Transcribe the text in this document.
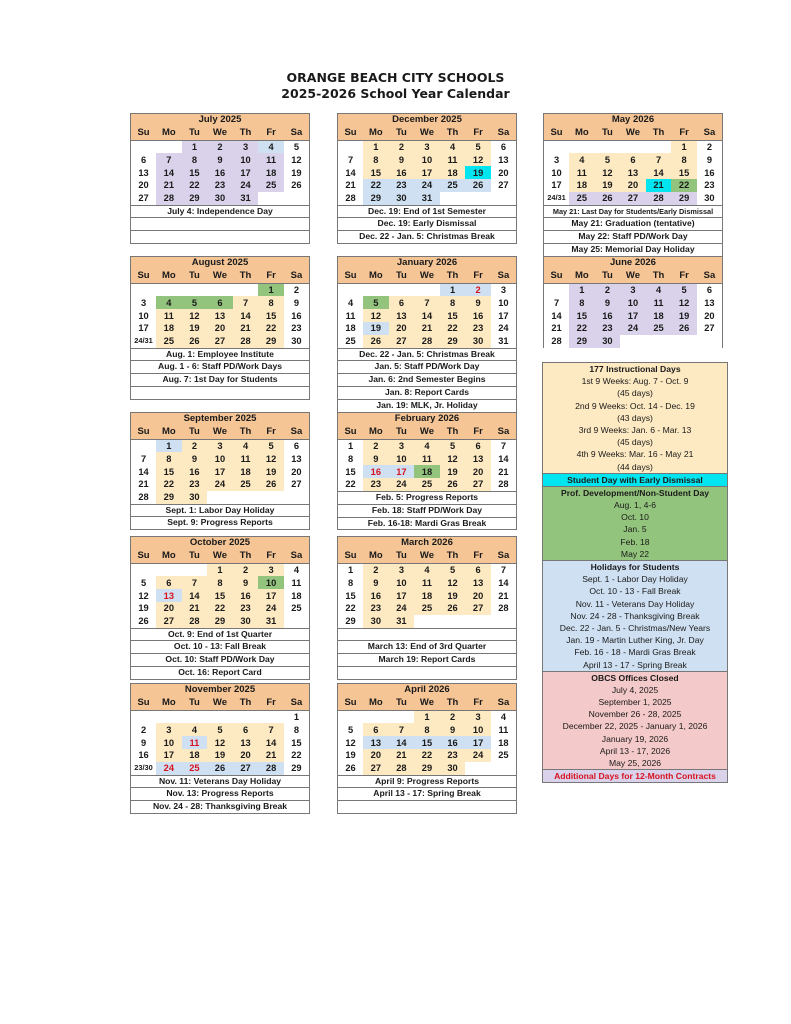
ORANGE BEACH CITY SCHOOLS
2025-2026 School Year Calendar
July 2025						
Su	Mo	Tu	We	Th	Fr	Sa
		1	2	3	4	5
6	7	8	9	10	11	12
13	14	15	16	17	18	19
20	21	22	23	24	25	26
27	28	29	30	31		
July 4: Independence Day
December 2025						
Su	Mo	Tu	We	Th	Fr	Sa
	1	2	3	4	5	6
7	8	9	10	11	12	13
14	15	16	17	18	19	20
21	22	23	24	25	26	27
28	29	30	31			
Dec. 19: End of 1st Semester
Dec. 19: Early Dismissal
Dec. 22 - Jan. 5: Christmas Break
May 2026						
Su	Mo	Tu	We	Th	Fr	Sa
					1	2
3	4	5	6	7	8	9
10	11	12	13	14	15	16
17	18	19	20	21	22	23
24/31	25	26	27	28	29	30
May 21: Last Day for Students/Early Dismissal
May 21: Graduation (tentative)
May 22: Staff PD/Work Day
May 25: Memorial Day Holiday
August 2025						
Su	Mo	Tu	We	Th	Fr	Sa
					1	2
3	4	5	6	7	8	9
10	11	12	13	14	15	16
17	18	19	20	21	22	23
24/31	25	26	27	28	29	30
Aug. 1: Employee Institute
Aug. 1 - 6: Staff PD/Work Days
Aug. 7: 1st Day for Students
January 2026						
Su	Mo	Tu	We	Th	Fr	Sa
				1	2	3
4	5	6	7	8	9	10
11	12	13	14	15	16	17
18	19	20	21	22	23	24
25	26	27	28	29	30	31
Dec. 22 - Jan. 5: Christmas Break
Jan. 5: Staff PD/Work Day
Jan. 6: 2nd Semester Begins
Jan. 8: Report Cards
Jan. 19: MLK, Jr. Holiday
June 2026						
Su	Mo	Tu	We	Th	Fr	Sa
	1	2	3	4	5	6
7	8	9	10	11	12	13
14	15	16	17	18	19	20
21	22	23	24	25	26	27
28	29	30				
September 2025						
Su	Mo	Tu	We	Th	Fr	Sa
	1	2	3	4	5	6
7	8	9	10	11	12	13
14	15	16	17	18	19	20
21	22	23	24	25	26	27
28	29	30				
Sept. 1: Labor Day Holiday
Sept. 9: Progress Reports
February 2026						
Su	Mo	Tu	We	Th	Fr	Sa
1	2	3	4	5	6	7
8	9	10	11	12	13	14
15	16	17	18	19	20	21
22	23	24	25	26	27	28
Feb. 5: Progress Reports
Feb. 18: Staff PD/Work Day
Feb. 16-18: Mardi Gras Break
October 2025						
Su	Mo	Tu	We	Th	Fr	Sa
			1	2	3	4
5	6	7	8	9	10	11
12	13	14	15	16	17	18
19	20	21	22	23	24	25
26	27	28	29	30	31	
Oct. 9: End of 1st Quarter
Oct. 10 - 13: Fall Break
Oct. 10: Staff PD/Work Day
Oct. 16: Report Card
March 2026						
Su	Mo	Tu	We	Th	Fr	Sa
1	2	3	4	5	6	7
8	9	10	11	12	13	14
15	16	17	18	19	20	21
22	23	24	25	26	27	28
29	30	31				
March 13: End of 3rd Quarter
March 19: Report Cards
November 2025						
Su	Mo	Tu	We	Th	Fr	Sa
						1
2	3	4	5	6	7	8
9	10	11	12	13	14	15
16	17	18	19	20	21	22
23/30	24	25	26	27	28	29
Nov. 11: Veterans Day Holiday
Nov. 13: Progress Reports
Nov. 24 - 28: Thanksgiving Break
April 2026						
Su	Mo	Tu	We	Th	Fr	Sa
			1	2	3	4
5	6	7	8	9	10	11
12	13	14	15	16	17	18
19	20	21	22	23	24	25
26	27	28	29	30		
April 9: Progress Reports
April 13 - 17: Spring Break
177 Instructional Days
1st 9 Weeks: Aug. 7 - Oct. 9
(45 days)
2nd 9 Weeks: Oct. 14 - Dec. 19
(43 days)
3rd 9 Weeks: Jan. 6 - Mar. 13
(45 days)
4th 9 Weeks: Mar. 16 - May 21
(44 days)
Student Day with Early Dismissal
Prof. Development/Non-Student Day
Aug. 1, 4-6
Oct. 10
Jan. 5
Feb. 18
May 22
Holidays for Students
Sept. 1 - Labor Day Holiday
Oct. 10 - 13 - Fall Break
Nov. 11 - Veterans Day Holiday
Nov. 24 - 28 - Thanksgiving Break
Dec. 22 - Jan. 5 - Christmas/New Years
Jan. 19 - Martin Luther King, Jr. Day
Feb. 16 - 18 - Mardi Gras Break
April 13 - 17 - Spring Break
OBCS Offices Closed
July 4, 2025
September 1, 2025
November 26 - 28, 2025
December 22, 2025 - January 1, 2026
January 19, 2026
April 13 - 17, 2026
May 25, 2026
Additional Days for 12-Month Contracts
